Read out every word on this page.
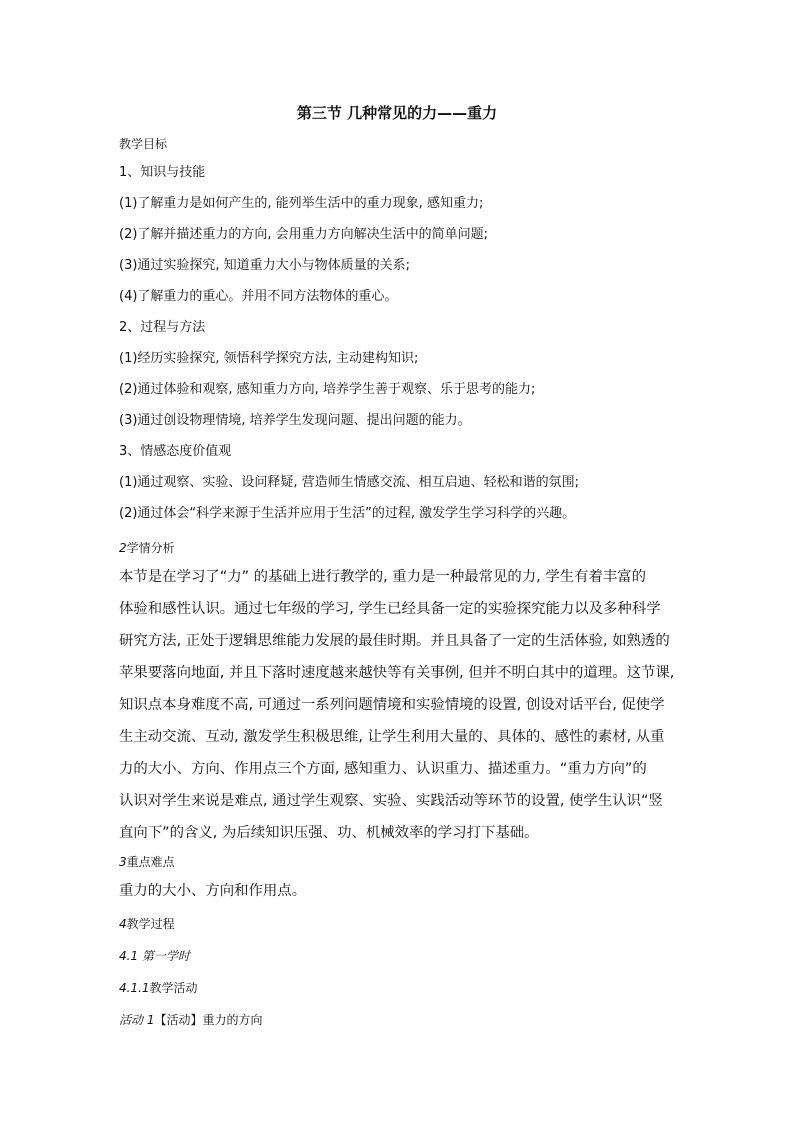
第三节 几种常见的力——重力

教学目标

1、知识与技能

(1)了解重力是如何产生的, 能列举生活中的重力现象, 感知重力;

(2)了解并描述重力的方向, 会用重力方向解决生活中的简单问题;

(3)通过实验探究, 知道重力大小与物体质量的关系;

(4)了解重力的重心。并用不同方法物体的重心。

2、过程与方法

(1)经历实验探究, 领悟科学探究方法, 主动建构知识;

(2)通过体验和观察, 感知重力方向, 培养学生善于观察、乐于思考的能力;

(3)通过创设物理情境, 培养学生发现问题、提出问题的能力。

3、情感态度价值观

(1)通过观察、实验、设问释疑, 营造师生情感交流、相互启迪、轻松和谐的氛围;

(2)通过体会“科学来源于生活并应用于生活”的过程, 激发学生学习科学的兴趣。

2学情分析

本节是在学习了“力” 的基础上进行教学的, 重力是一种最常见的力, 学生有着丰富的

体验和感性认识。通过七年级的学习, 学生已经具备一定的实验探究能力以及多种科学

研究方法, 正处于逻辑思维能力发展的最佳时期。并且具备了一定的生活体验, 如熟透的

苹果要落向地面, 并且下落时速度越来越快等有关事例, 但并不明白其中的道理。这节课,

知识点本身难度不高, 可通过一系列问题情境和实验情境的设置, 创设对话平台, 促使学

生主动交流、互动, 激发学生积极思维, 让学生利用大量的、具体的、感性的素材, 从重

力的大小、方向、作用点三个方面, 感知重力、认识重力、描述重力。“重力方向”的

认识对学生来说是难点, 通过学生观察、实验、实践活动等环节的设置, 使学生认识“竖

直向下”的含义, 为后续知识压强、功、机械效率的学习打下基础。

3重点难点

重力的大小、方向和作用点。

4教学过程

4.1 第一学时

4.1.1教学活动

活动 1【活动】重力的方向
